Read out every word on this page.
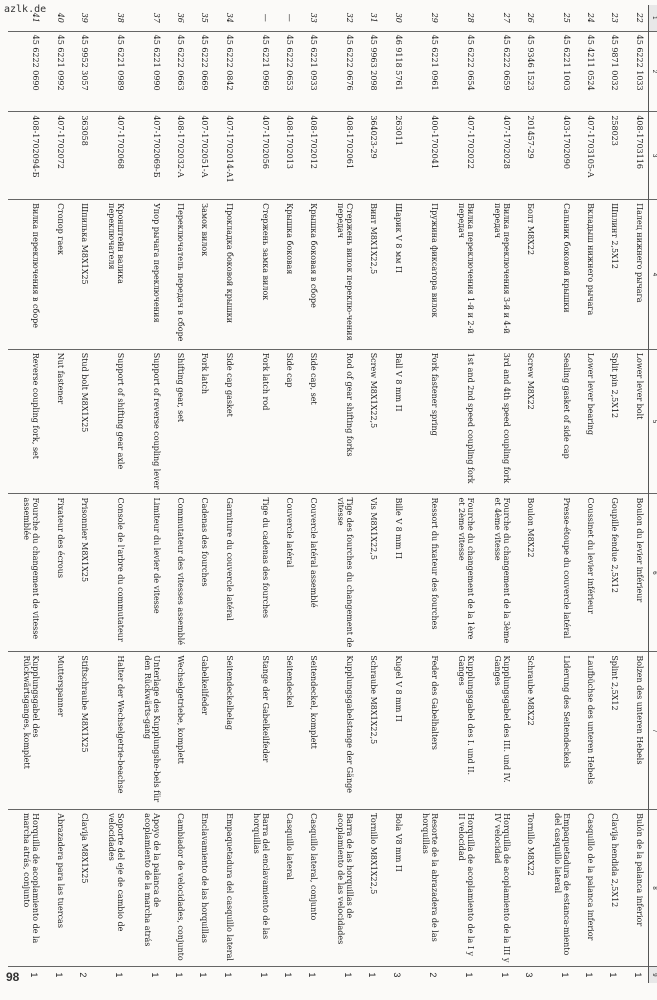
azlk.de
98
1	2	3	4	5	6	7	8	9
22	45 6222 1033	408-1703116	Палец нижнего рычага	Lower lever bolt	Boulon du levier inférieur	Bolzen des unteren Hebels	Bulón de la palanca inferior	1
23	45 9871 0032	258023	Шплинт 2,5Х12	Split pin 2,5X12	Goupille fendue 2,5X12	Splint 2,5X12	Clavija hendida 2,5X12	1
24	45 4211 0524	407-1703105-А	Вкладыш нижнего рычага	Lower lever bearing	Coussinet du levier inférieur	Laufbüchse des unteren Hebels	Casquillo de la palanca inferior	1
25	45 6221 1003	403-1702090	Сальник боковой крышки	Sealing gasket of side cap	Presse-étoupe du couvercle latéral	Liderung des Seitendeckels	Empaquetadura de estanca-miento del casquillo lateral	1
26	45 9346 1523	201457-29	Болт М8Х22	Screw M8X22	Boulon M8X22	Schraube M8X22	Tornillo M8X22	3
27	45 6222 0659	407-1702028	Вилка переключения 3-й и 4-й передач	3rd and 4th speed coupling fork	Fourche du changement de la 3ème et 4ème vitesse	Kupplungsgabel des III. und IV. Ganges	Horquilla de acoplamiento de la III y IV velocidad	1
28	45 6222 0654	407-1702022	Вилка переключения 1-й и 2-й передач	1st and 2nd speed coupling fork	Fourche du changement de la 1ère et 2ème vitesse	Kupplungsgabel des I. und II. Ganges	Horquilla de acoplamiento de la I y II velocidad	1
29	45 6221 0961	400-1702041	Пружина фиксатора вилок	Fork fastener spring	Ressort du fixateur des fourches	Feder des Gabelhalters	Resorte de la abrazadera de las horquillas	2
30	46 9118 5761	263011	Шарик V 8 мм П	Ball V 8 mm П	Bille V 8 mm П	Kugel V 8 mm П	Bola V8 mm П	3
31	45 9963 2098	364023-29	Винт М8Х1Х22,5	Screw M8X1X22,5	Vis M8X1X22,5	Schraube M8X1X22,5	Tornillo M8X1X22,5	1
32	45 6222 0676	408-1702061	Стержень вилок переклю-чения передач	Rod of gear shifting forks	Tige des fourches du changement de vitesse	Kupplungsgabelstange der Gänge	Barra de las horquillas de acoplamiento de las velocidades	1
33	45 6221 0933	408-1702012	Крышка боковая в сборе	Side cap, set	Couvercle latéral assemblé	Seitendeckel, komplett	Casquillo lateral, conjunto	1
—	45 6222 0653	408-1702013	Крышка боковая	Side cap	Couvercle latéral	Seitendeckel	Casquillo lateral	1
—	45 6221 0969	407-1702056	Стержень замка вилок	Fork latch rod	Tige du cadenas des fourches	Stange der Gabelkeilfeder	Barra del enclavamiento de las horquillas	1
34	45 6222 0842	407-1702014-А1	Прокладка боковой крышки	Side cap gasket	Garniture du couvercle latéral	Seitendeckelbelag	Empaquetadura del casquillo lateral	1
35	45 6222 0669	407-1702051-А	Замок вилок	Fork latch	Cadenas des fourches	Gabelkeilfeder	Enclavamiento de las horquillas	1
36	45 6222 0663	408-1702032-А	Переключатель передач в сборе	Shifting gear, set	Commutateur des vitesses assemblé	Wechselgetriebe, komplett	Cambiador de velocidades, conjunto	1
37	45 6221 0990	407-1702069-Б	Упор рычага переключения	Support of reverse coupling lever	Limiteur du levier de vitesse	Unterlage des Kupplungshe-bels für den Rückwärts-gang	Apoyo de la palanca de acoplamiento de la marcha atrás	1
38	45 6221 0989	407-1702068	Кронштейн валика переключателя	Support of shifting gear axle	Console de l'arbre du commutateur	Halter der Wechselgetrie-beachse	Soporte del eje de cambio de velocidades	1
39	45 9952 3057	363058	Шпилька М8Х1Х25	Stud bolt M8X1X25	Prisonnier M8X1X25	Stiftschraube M8X1X25	Clavija M8X1X25	2
40	45 6221 0992	407-1702072	Стопор гаек	Nut fastener	Fixateur des écrous	Mutterspanner	Abrazadera para las tuercas	1
41	45 6222 0690	408-1702094-Б	Вилка переключения в сборе	Reverse coupling fork, set	Fourche du changement de vitesse assemblée	Kupplungsgabel des Rückwärtsganges, komplett	Horquilla de acoplamiento de la marcha atrás, conjunto	1
